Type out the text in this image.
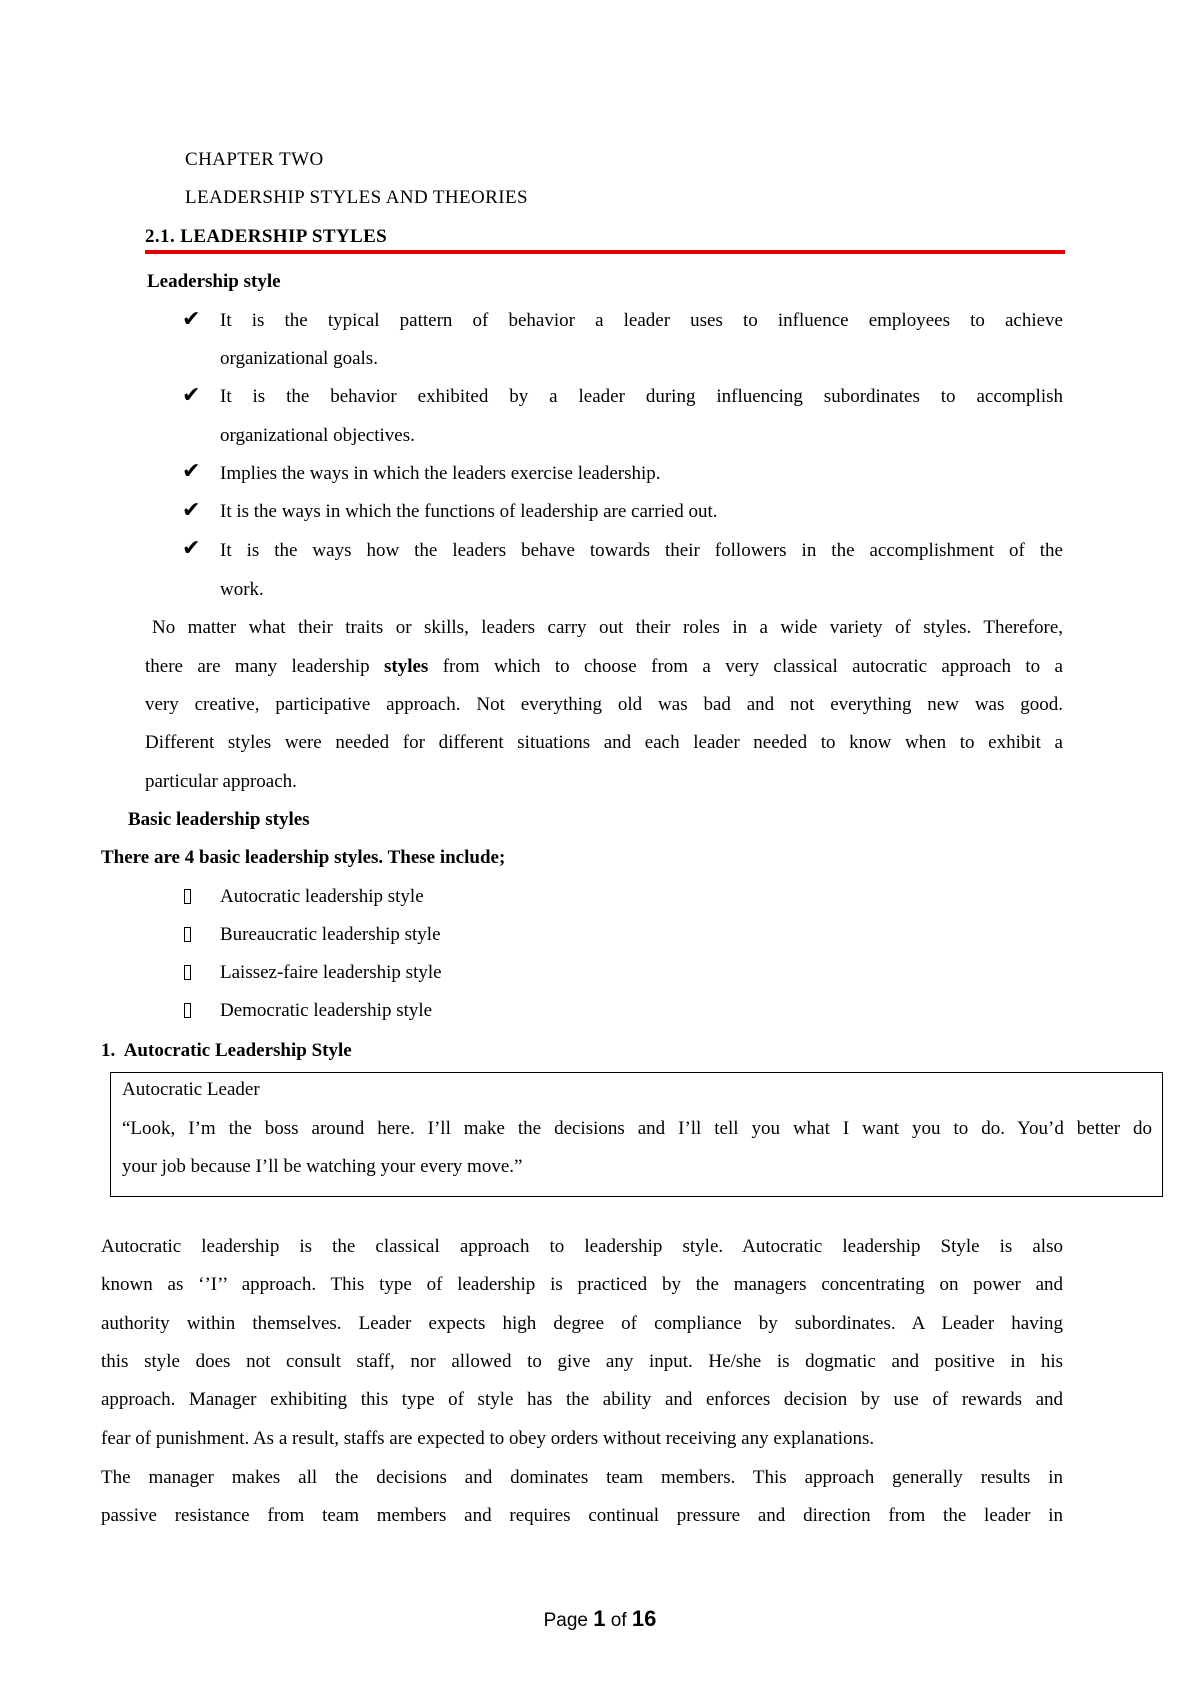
CHAPTER TWO
LEADERSHIP STYLES AND THEORIES
2.1. LEADERSHIP STYLES
Leadership style
✔ It is the typical pattern of behavior a leader uses to influence employees to achieve
organizational goals.
✔ It is the behavior exhibited by a leader during influencing subordinates to accomplish
organizational objectives.
✔ Implies the ways in which the leaders exercise leadership.
✔ It is the ways in which the functions of leadership are carried out.
✔ It is the ways how the leaders behave towards their followers in the accomplishment of the
work.
No matter what their traits or skills, leaders carry out their roles in a wide variety of styles. Therefore,
there are many leadership styles from which to choose from a very classical autocratic approach to a
very creative, participative approach. Not everything old was bad and not everything new was good.
Different styles were needed for different situations and each leader needed to know when to exhibit a
particular approach.
Basic leadership styles
There are 4 basic leadership styles. These include;
Autocratic leadership style
Bureaucratic leadership style
Laissez-faire leadership style
Democratic leadership style
1.  Autocratic Leadership Style
Autocratic Leader
“Look, I’m the boss around here. I’ll make the decisions and I’ll tell you what I want you to do. You’d better do
your job because I’ll be watching your every move.”
Autocratic leadership is the classical approach to leadership style. Autocratic leadership Style is also
known as ‘’I’’ approach. This type of leadership is practiced by the managers concentrating on power and
authority within themselves. Leader expects high degree of compliance by subordinates. A Leader having
this style does not consult staff, nor allowed to give any input. He/she is dogmatic and positive in his
approach. Manager exhibiting this type of style has the ability and enforces decision by use of rewards and
fear of punishment. As a result, staffs are expected to obey orders without receiving any explanations.
The manager makes all the decisions and dominates team members. This approach generally results in
passive resistance from team members and requires continual pressure and direction from the leader in
Page 1 of 16
